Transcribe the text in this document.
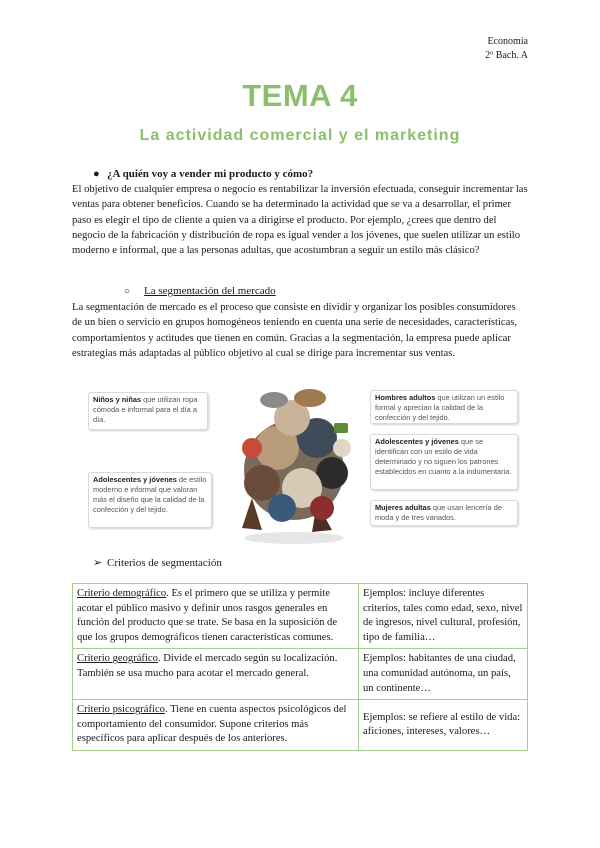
Economía
2º Bach. A
TEMA 4
La actividad comercial y el marketing
● ¿A quién voy a vender mi producto y cómo?
El objetivo de cualquier empresa o negocio es rentabilizar la inversión efectuada, conseguir incrementar las ventas para obtener beneficios. Cuando se ha determinado la actividad que se va a desarrollar, el primer paso es elegir el tipo de cliente a quien va a dirigirse el producto. Por ejemplo, ¿crees que dentro del negocio de la fabricación y distribución de ropa es igual vender a los jóvenes, que suelen utilizar un estilo moderno e informal, que a las personas adultas, que acostumbran a seguir un estilo más clásico?
○ La segmentación del mercado
La segmentación de mercado es el proceso que consiste en dividir y organizar los posibles consumidores de un bien o servicio en grupos homogéneos teniendo en cuenta una serie de necesidades, características, comportamientos y actitudes que tienen en común. Gracias a la segmentación, la empresa puede aplicar estrategias más adaptadas al público objetivo al cual se dirige para incrementar sus ventas.
Niños y niñas que utilizan ropa cómoda e informal para el día a día.
Adolescentes y jóvenes de estilo moderno e informal que valoran más el diseño que la calidad de la confección y del tejido.
Hombres adultos que utilizan un estilo formal y aprecian la calidad de la confección y del tejido.
Adolescentes y jóvenes que se identifican con un estilo de vida determinado y no siguen los patrones establecidos en cuanto a la indumentaria.
Mujeres adultas que usan lencería de moda y de tres variados.
➢ Criterios de segmentación
Criterio demográfico. Es el primero que se utiliza y permite acotar el público masivo y definir unos rasgos generales en función del producto que se trate. Se basa en la suposición de que los grupos demográficos tienen características comunes.	Ejemplos: incluye diferentes criterios, tales como edad, sexo, nivel de ingresos, nivel cultural, profesión, tipo de familia…
Criterio geográfico. Divide el mercado según su localización. También se usa mucho para acotar el mercado general.	Ejemplos: habitantes de una ciudad, una comunidad autónoma, un país, un continente…
Criterio psicográfico. Tiene en cuenta aspectos psicológicos del comportamiento del consumidor. Supone criterios más específicos para aplicar después de los anteriores.	Ejemplos: se refiere al estilo de vida: aficiones, intereses, valores…
